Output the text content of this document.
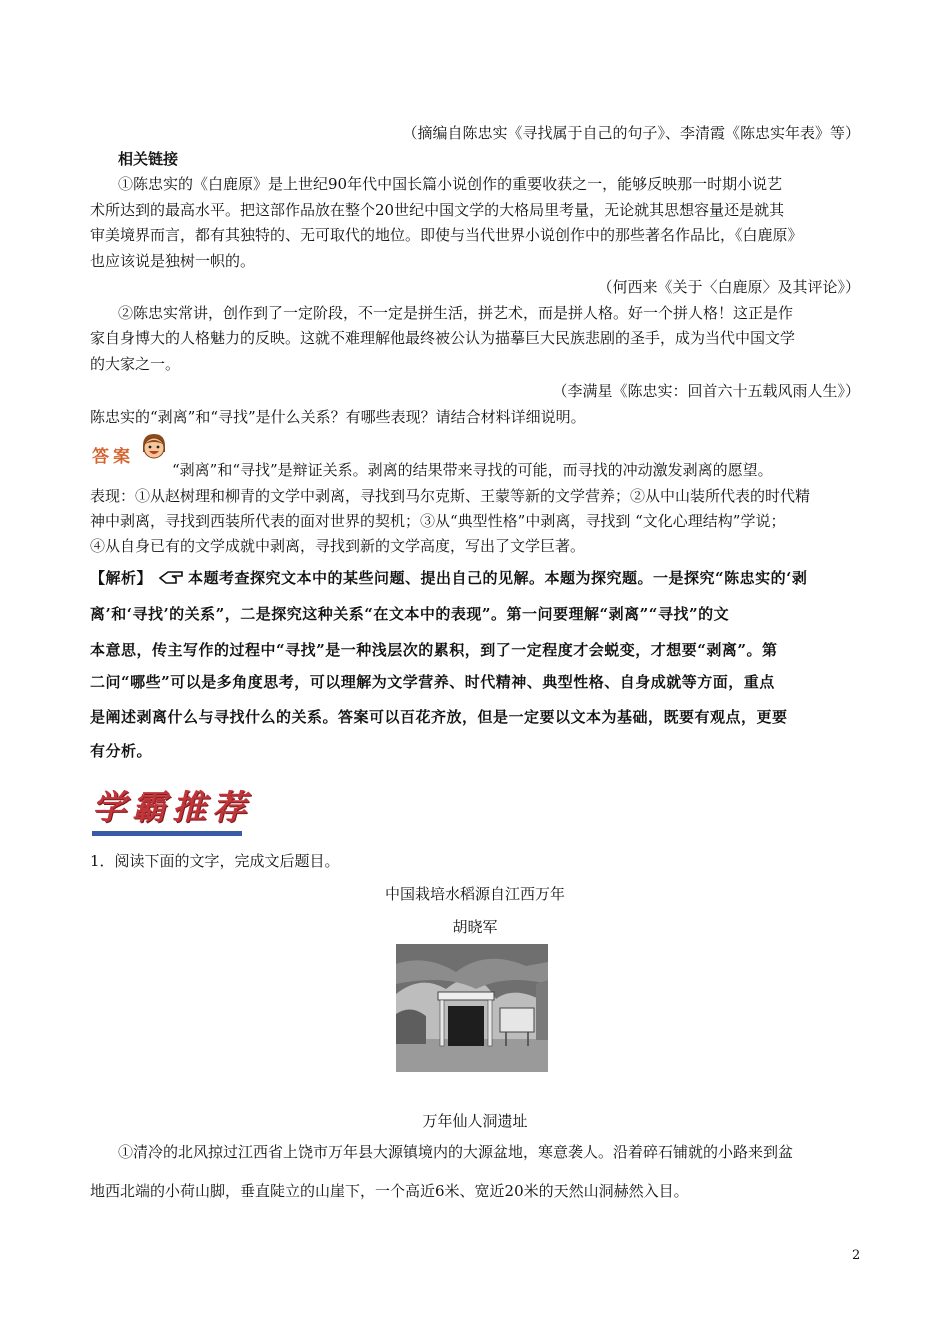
（摘编自陈忠实《寻找属于自己的句子》、李清霞《陈忠实年表》等）
相关链接
①陈忠实的《白鹿原》是上世纪90年代中国长篇小说创作的重要收获之一，能够反映那一时期小说艺
术所达到的最高水平。把这部作品放在整个20世纪中国文学的大格局里考量，无论就其思想容量还是就其
审美境界而言，都有其独特的、无可取代的地位。即使与当代世界小说创作中的那些著名作品比，《白鹿原》
也应该说是独树一帜的。
（何西来《关于〈白鹿原〉及其评论》）
②陈忠实常讲，创作到了一定阶段，不一定是拼生活，拼艺术，而是拼人格。好一个拼人格！这正是作
家自身博大的人格魅力的反映。这就不难理解他最终被公认为描摹巨大民族悲剧的圣手，成为当代中国文学
的大家之一。
（李满星《陈忠实：回首六十五载风雨人生》）
陈忠实的“剥离”和“寻找”是什么关系？有哪些表现？请结合材料详细说明。
答案
“剥离”和“寻找”是辩证关系。剥离的结果带来寻找的可能，而寻找的冲动激发剥离的愿望。
表现：①从赵树理和柳青的文学中剥离，寻找到马尔克斯、王蒙等新的文学营养；②从中山装所代表的时代精
神中剥离，寻找到西装所代表的面对世界的契机；③从“典型性格”中剥离，寻找到 “文化心理结构”学说；
④从自身已有的文学成就中剥离，寻找到新的文学高度，写出了文学巨著。
【解析】 本题考查探究文本中的某些问题、提出自己的见解。本题为探究题。一是探究“陈忠实的‘剥
离’和‘寻找’的关系”，二是探究这种关系“在文本中的表现”。第一问要理解“剥离”“寻找”的文
本意思，传主写作的过程中“寻找”是一种浅层次的累积，到了一定程度才会蜕变，才想要“剥离”。第
二问“哪些”可以是多角度思考，可以理解为文学营养、时代精神、典型性格、自身成就等方面，重点
是阐述剥离什么与寻找什么的关系。答案可以百花齐放，但是一定要以文本为基础，既要有观点，更要
有分析。
学霸推荐
1．阅读下面的文字，完成文后题目。
中国栽培水稻源自江西万年
胡晓军
万年仙人洞遗址
①清冷的北风掠过江西省上饶市万年县大源镇境内的大源盆地，寒意袭人。沿着碎石铺就的小路来到盆
地西北端的小荷山脚，垂直陡立的山崖下，一个高近6米、宽近20米的天然山洞赫然入目。
2
